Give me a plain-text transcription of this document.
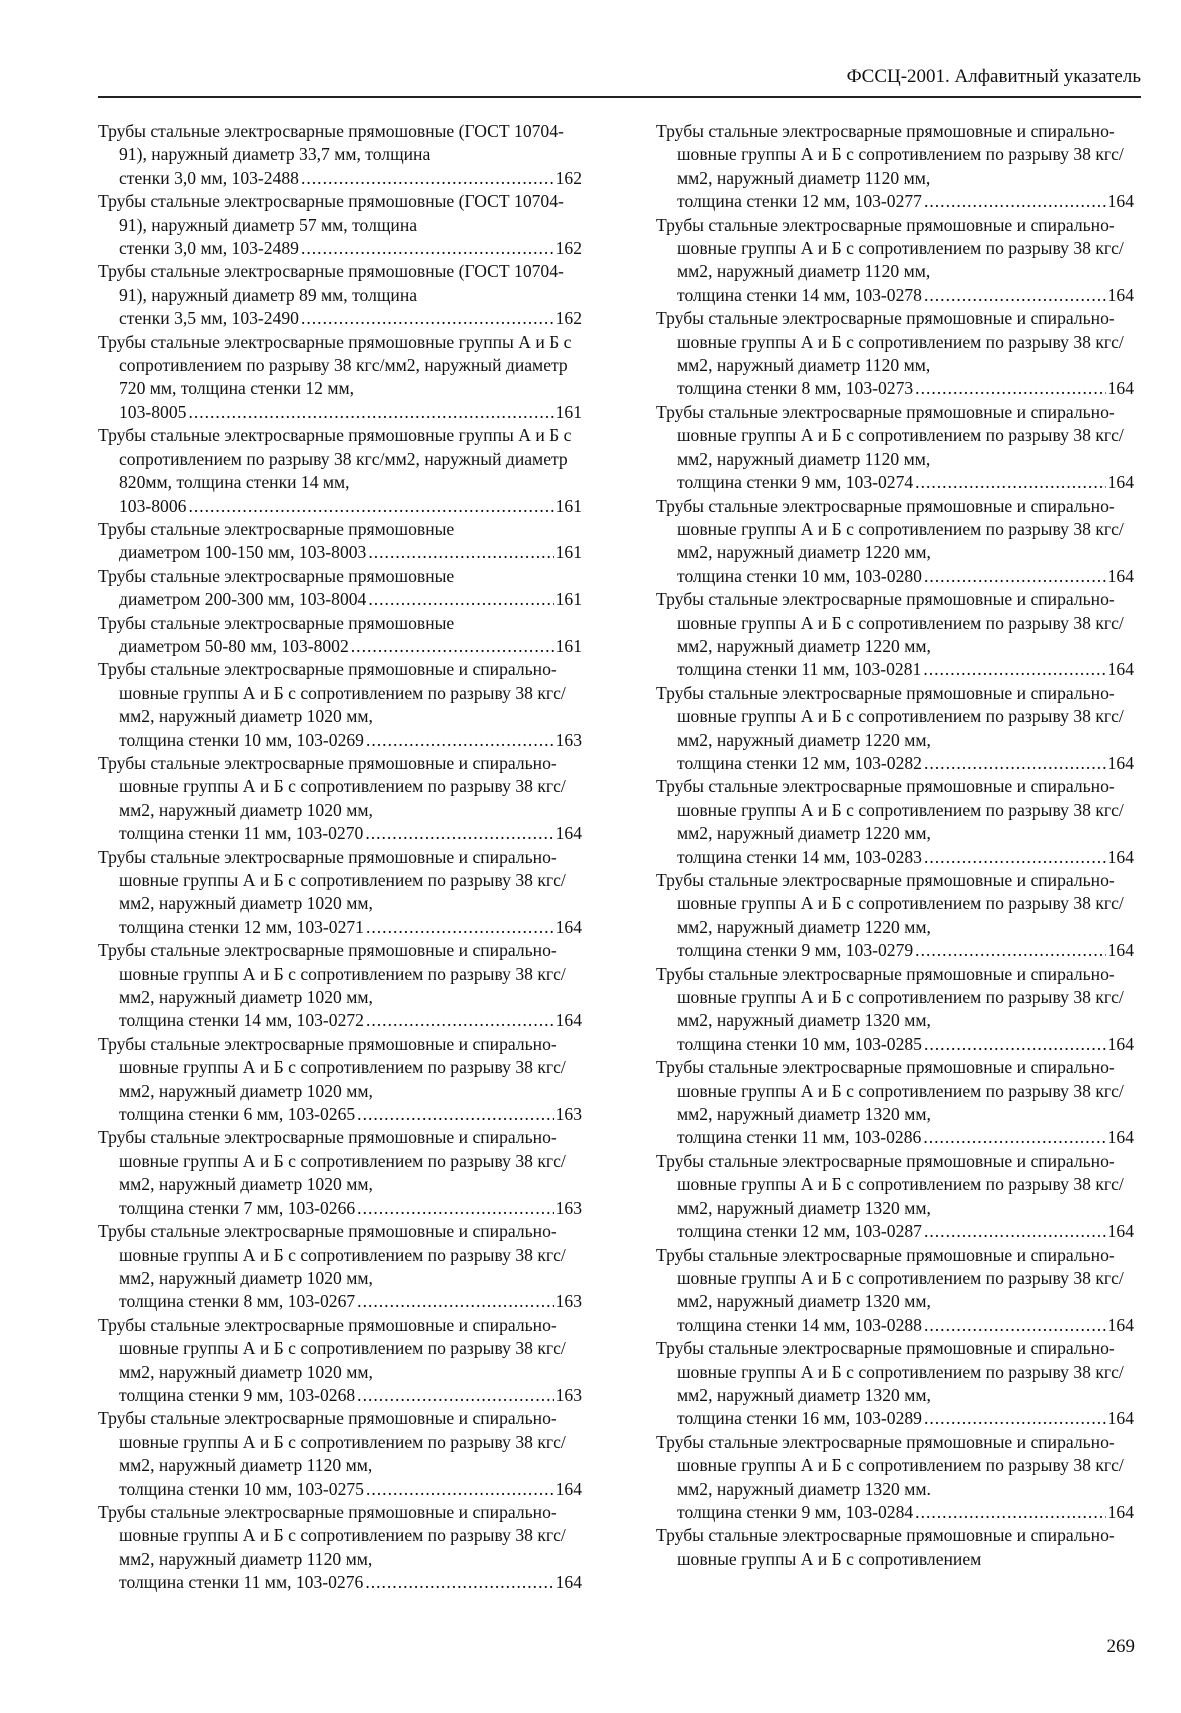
ФССЦ-2001. Алфавитный указатель
Трубы стальные электросварные прямошовные (ГОСТ 10704-91), наружный диаметр 33,7 мм, толщина
стенки 3,0 мм, 103-2488 .....	162
Трубы стальные электросварные прямошовные (ГОСТ 10704-91), наружный диаметр 57 мм, толщина
стенки 3,0 мм, 103-2489 .....	162
Трубы стальные электросварные прямошовные (ГОСТ 10704-91), наружный диаметр 89 мм, толщина
стенки 3,5 мм, 103-2490 .....	162
Трубы стальные электросварные прямошовные группы А и Б с сопротивлением по разрыву 38 кгс/мм2, наружный диаметр 720 мм, толщина стенки 12 мм,
103-8005 .....	161
Трубы стальные электросварные прямошовные группы А и Б с сопротивлением по разрыву 38 кгс/мм2, наружный диаметр 820мм, толщина стенки 14 мм,
103-8006 .....	161
Трубы стальные электросварные прямошовные
диаметром 100-150 мм, 103-8003 .....	161
Трубы стальные электросварные прямошовные
диаметром 200-300 мм, 103-8004 .....	161
Трубы стальные электросварные прямошовные
диаметром 50-80 мм, 103-8002 .....	161
Трубы стальные электросварные прямошовные и спирально-шовные группы А и Б с сопротивлением по разрыву 38 кгс/мм2, наружный диаметр 1020 мм,
толщина стенки 10 мм, 103-0269 .....	163
Трубы стальные электросварные прямошовные и спирально-шовные группы А и Б с сопротивлением по разрыву 38 кгс/мм2, наружный диаметр 1020 мм,
толщина стенки 11 мм, 103-0270 .....	164
Трубы стальные электросварные прямошовные и спирально-шовные группы А и Б с сопротивлением по разрыву 38 кгс/мм2, наружный диаметр 1020 мм,
толщина стенки 12 мм, 103-0271 .....	164
Трубы стальные электросварные прямошовные и спирально-шовные группы А и Б с сопротивлением по разрыву 38 кгс/мм2, наружный диаметр 1020 мм,
толщина стенки 14 мм, 103-0272 .....	164
Трубы стальные электросварные прямошовные и спирально-шовные группы А и Б с сопротивлением по разрыву 38 кгс/мм2, наружный диаметр 1020 мм,
толщина стенки 6 мм, 103-0265 .....	163
Трубы стальные электросварные прямошовные и спирально-шовные группы А и Б с сопротивлением по разрыву 38 кгс/мм2, наружный диаметр 1020 мм,
толщина стенки 7 мм, 103-0266 .....	163
Трубы стальные электросварные прямошовные и спирально-шовные группы А и Б с сопротивлением по разрыву 38 кгс/мм2, наружный диаметр 1020 мм,
толщина стенки 8 мм, 103-0267 .....	163
Трубы стальные электросварные прямошовные и спирально-шовные группы А и Б с сопротивлением по разрыву 38 кгс/мм2, наружный диаметр 1020 мм,
толщина стенки 9 мм, 103-0268 .....	163
Трубы стальные электросварные прямошовные и спирально-шовные группы А и Б с сопротивлением по разрыву 38 кгс/мм2, наружный диаметр 1120 мм,
толщина стенки 10 мм, 103-0275 .....	164
Трубы стальные электросварные прямошовные и спирально-шовные группы А и Б с сопротивлением по разрыву 38 кгс/мм2, наружный диаметр 1120 мм,
толщина стенки 11 мм, 103-0276 .....	164
Трубы стальные электросварные прямошовные и спирально-шовные группы А и Б с сопротивлением по разрыву 38 кгс/мм2, наружный диаметр 1120 мм,
толщина стенки 12 мм, 103-0277 .....	164
Трубы стальные электросварные прямошовные и спирально-шовные группы А и Б с сопротивлением по разрыву 38 кгс/мм2, наружный диаметр 1120 мм,
толщина стенки 14 мм, 103-0278 .....	164
Трубы стальные электросварные прямошовные и спирально-шовные группы А и Б с сопротивлением по разрыву 38 кгс/мм2, наружный диаметр 1120 мм,
толщина стенки 8 мм, 103-0273 .....	164
Трубы стальные электросварные прямошовные и спирально-шовные группы А и Б с сопротивлением по разрыву 38 кгс/мм2, наружный диаметр 1120 мм,
толщина стенки 9 мм, 103-0274 .....	164
Трубы стальные электросварные прямошовные и спирально-шовные группы А и Б с сопротивлением по разрыву 38 кгс/мм2, наружный диаметр 1220 мм,
толщина стенки 10 мм, 103-0280 .....	164
Трубы стальные электросварные прямошовные и спирально-шовные группы А и Б с сопротивлением по разрыву 38 кгс/мм2, наружный диаметр 1220 мм,
толщина стенки 11 мм, 103-0281 .....	164
Трубы стальные электросварные прямошовные и спирально-шовные группы А и Б с сопротивлением по разрыву 38 кгс/мм2, наружный диаметр 1220 мм,
толщина стенки 12 мм, 103-0282 .....	164
Трубы стальные электросварные прямошовные и спирально-шовные группы А и Б с сопротивлением по разрыву 38 кгс/мм2, наружный диаметр 1220 мм,
толщина стенки 14 мм, 103-0283 .....	164
Трубы стальные электросварные прямошовные и спирально-шовные группы А и Б с сопротивлением по разрыву 38 кгс/мм2, наружный диаметр 1220 мм,
толщина стенки 9 мм, 103-0279 .....	164
Трубы стальные электросварные прямошовные и спирально-шовные группы А и Б с сопротивлением по разрыву 38 кгс/мм2, наружный диаметр 1320 мм,
толщина стенки 10 мм, 103-0285 .....	164
Трубы стальные электросварные прямошовные и спирально-шовные группы А и Б с сопротивлением по разрыву 38 кгс/мм2, наружный диаметр 1320 мм,
толщина стенки 11 мм, 103-0286 .....	164
Трубы стальные электросварные прямошовные и спирально-шовные группы А и Б с сопротивлением по разрыву 38 кгс/мм2, наружный диаметр 1320 мм,
толщина стенки 12 мм, 103-0287 .....	164
Трубы стальные электросварные прямошовные и спирально-шовные группы А и Б с сопротивлением по разрыву 38 кгс/мм2, наружный диаметр 1320 мм,
толщина стенки 14 мм, 103-0288 .....	164
Трубы стальные электросварные прямошовные и спирально-шовные группы А и Б с сопротивлением по разрыву 38 кгс/мм2, наружный диаметр 1320 мм,
толщина стенки 16 мм, 103-0289 .....	164
Трубы стальные электросварные прямошовные и спирально-шовные группы А и Б с сопротивлением по разрыву 38 кгс/мм2, наружный диаметр 1320 мм.
толщина стенки 9 мм, 103-0284 .....	164
Трубы стальные электросварные прямошовные и спирально-шовные группы А и Б с сопротивлением
269
